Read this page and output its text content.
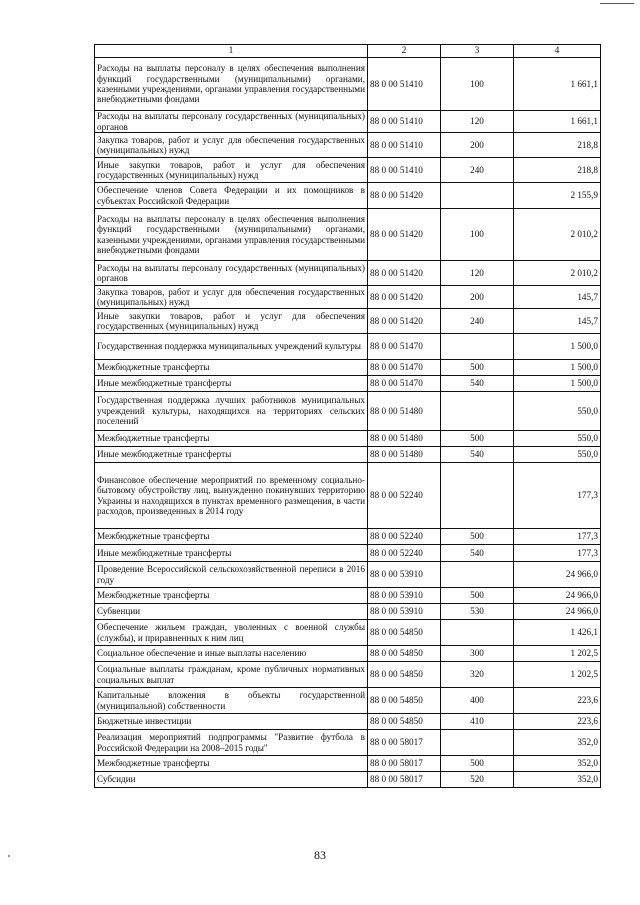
1	2	3	4
Расходы на выплаты персоналу в целях обеспечения выполнения функций государственными (муниципальными) органами, казенными учреждениями, органами управления государственными внебюджетными фондами	88 0 00 51410	100	1 661,1
Расходы на выплаты персоналу государственных (муниципальных) органов	88 0 00 51410	120	1 661,1
Закупка товаров, работ и услуг для обеспечения государственных (муниципальных) нужд	88 0 00 51410	200	218,8
Иные закупки товаров, работ и услуг для обеспечения государственных (муниципальных) нужд	88 0 00 51410	240	218,8
Обеспечение членов Совета Федерации и их помощников в субъектах Российской Федерации	88 0 00 51420		2 155,9
Расходы на выплаты персоналу в целях обеспечения выполнения функций государственными (муниципальными) органами, казенными учреждениями, органами управления государственными внебюджетными фондами	88 0 00 51420	100	2 010,2
Расходы на выплаты персоналу государственных (муниципальных) органов	88 0 00 51420	120	2 010,2
Закупка товаров, работ и услуг для обеспечения государственных (муниципальных) нужд	88 0 00 51420	200	145,7
Иные закупки товаров, работ и услуг для обеспечения государственных (муниципальных) нужд	88 0 00 51420	240	145,7
Государственная поддержка муниципальных учреждений культуры	88 0 00 51470		1 500,0
Межбюджетные трансферты	88 0 00 51470	500	1 500,0
Иные межбюджетные трансферты	88 0 00 51470	540	1 500,0
Государственная поддержка лучших работников муниципальных учреждений культуры, находящихся на территориях сельских поселений	88 0 00 51480		550,0
Межбюджетные трансферты	88 0 00 51480	500	550,0
Иные межбюджетные трансферты	88 0 00 51480	540	550,0
Финансовое обеспечение мероприятий по временному социально-бытовому обустройству лиц, вынужденно покинувших территорию Украины и находящихся в пунктах временного размещения, в части расходов, произведенных в 2014 году	88 0 00 52240		177,3
Межбюджетные трансферты	88 0 00 52240	500	177,3
Иные межбюджетные трансферты	88 0 00 52240	540	177,3
Проведение Всероссийской сельскохозяйственной переписи в 2016 году	88 0 00 53910		24 966,0
Межбюджетные трансферты	88 0 00 53910	500	24 966,0
Субвенции	88 0 00 53910	530	24 966,0
Обеспечение жильем граждан, уволенных с военной службы (службы), и приравненных к ним лиц	88 0 00 54850		1 426,1
Социальное обеспечение и иные выплаты населению	88 0 00 54850	300	1 202,5
Социальные выплаты гражданам, кроме публичных нормативных социальных выплат	88 0 00 54850	320	1 202,5
Капитальные вложения в объекты государственной (муниципальной) собственности	88 0 00 54850	400	223,6
Бюджетные инвестиции	88 0 00 54850	410	223,6
Реализация мероприятий подпрограммы "Развитие футбола в Российской Федерации на 2008–2015 годы"	88 0 00 58017		352,0
Межбюджетные трансферты	88 0 00 58017	500	352,0
Субсидии	88 0 00 58017	520	352,0
83
